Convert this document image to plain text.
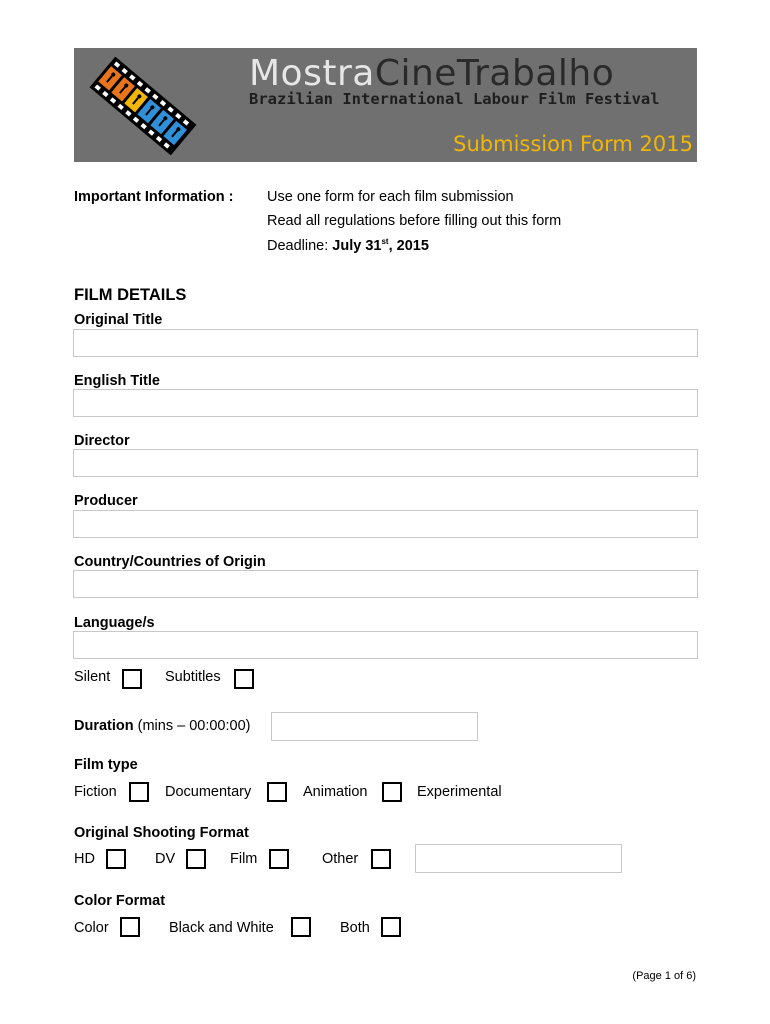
MostraCineTrabalho
Brazilian International Labour Film Festival
Submission Form 2015
Important Information : Use one form for each film submission
Read all regulations before filling out this form
Deadline: July 31st, 2015
FILM DETAILS
Original Title
English Title
Director
Producer
Country/Countries of Origin
Language/s
Silent	Subtitles
Duration (mins – 00:00:00)
Film type
Fiction	Documentary	Animation	Experimental
Original Shooting Format
HD	DV	Film	Other
Color Format
Color	Black and White	Both
(Page 1 of 6)
